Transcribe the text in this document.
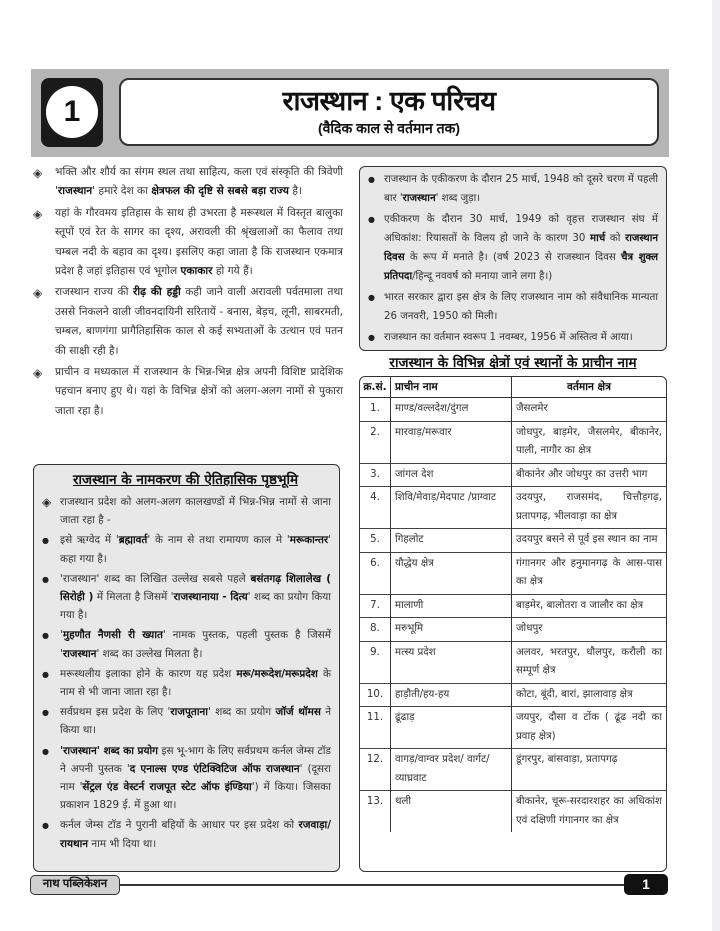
1	राजस्थान : एक परिचय
(वैदिक काल से वर्तमान तक)
◈ भक्ति और शौर्य का संगम स्थल तथा साहित्य, कला एवं संस्कृति की त्रिवेणी 'राजस्थान' हमारे देश का क्षेत्रफल की दृष्टि से सबसे बड़ा राज्य है।
◈ यहां के गौरवमय इतिहास के साथ ही उभरता है मरूस्थल में विस्तृत बालुका स्तूपों एवं रेत के सागर का दृश्य, अरावली की श्रृंखलाओं का फैलाव तथा चम्बल नदी के बहाव का दृश्य। इसलिए कहा जाता है कि राजस्थान एकमात्र प्रदेश है जहां इतिहास एवं भूगोल एकाकार हो गये हैं।
◈ राजस्थान राज्य की रीढ़ की हड्डी कही जाने वाली अरावली पर्वतमाला तथा उससे निकलने वाली जीवनदायिनी सरितायें - बनास, बेड़च, लूनी, साबरमती, चम्बल, बाणगंगा प्रागैतिहासिक काल से कई सभ्यताओं के उत्थान एवं पतन की साक्षी रही है।
◈ प्राचीन व मध्यकाल में राजस्थान के भिन्न-भिन्न क्षेत्र अपनी विशिष्ट प्रादेशिक पहचान बनाए हुए थे। यहां के विभिन्न क्षेत्रों को अलग-अलग नामों से पुकारा जाता रहा है।
राजस्थान के नामकरण की ऐतिहासिक पृष्ठभूमि
◈ राजस्थान प्रदेश को अलग-अलग कालखण्डों में भिन्न-भिन्न नामों से जाना जाता रहा है -
● इसे ऋग्वेद में 'ब्रह्मावर्त' के नाम से तथा रामायण काल मे 'मरूकान्तर' कहा गया है।
● 'राजस्थान' शब्द का लिखित उल्लेख सबसे पहले बसंतगढ़ शिलालेख ( सिरोही ) में मिलता है जिसमें 'राजस्थानाया - दित्य' शब्द का प्रयोग किया गया है।
● 'मुहणौत नैणसी री ख्यात' नामक पुस्तक, पहली पुस्तक है जिसमें 'राजस्थान' शब्द का उल्लेख मिलता है।
● मरूस्थलीय इलाका होने के कारण यह प्रदेश मरू/मरूदेश/मरूप्रदेश के नाम से भी जाना जाता रहा है।
● सर्वप्रथम इस प्रदेश के लिए 'राजपूताना' शब्द का प्रयोग जॉर्ज थॉमस ने किया था।
● 'राजस्थान' शब्द का प्रयोग इस भू-भाग के लिए सर्वप्रथम कर्नल जेम्स टॉड ने अपनी पुस्तक 'द एनाल्स एण्ड एंटिक्विटिज ऑफ राजस्थान' (दूसरा नाम 'सेंट्रल एंड वेस्टर्न राजपूत स्टेट ऑफ इंण्डिया') में किया। जिसका प्रकाशन 1829 ई. में हुआ था।
● कर्नल जेम्स टॉड ने पुरानी बहियों के आधार पर इस प्रदेश को रजवाड़ा/रायथान नाम भी दिया था।
● राजस्थान के एकीकरण के दौरान 25 मार्च, 1948 को दूसरे चरण में पहली बार 'राजस्थान' शब्द जुड़ा।
● एकीकरण के दौरान 30 मार्च, 1949 को वृहत्त राजस्थान संघ में अधिकांश: रियासतों के विलय हो जाने के कारण 30 मार्च को राजस्थान दिवस के रूप में मनाते है। (वर्ष 2023 से राजस्थान दिवस चैत्र शुक्ल प्रतिपदा/हिन्दू नववर्ष को मनाया जाने लगा है।)
● भारत सरकार द्वारा इस क्षेत्र के लिए राजस्थान नाम को संवैधानिक मान्यता 26 जनवरी, 1950 को मिली।
● राजस्थान का वर्तमान स्वरूप 1 नवम्बर, 1956 में अस्तित्व में आया।
राजस्थान के विभिन्न क्षेत्रों एवं स्थानों के प्राचीन नाम
क्र.सं.	प्राचीन नाम	वर्तमान क्षेत्र
1.	माण्ड/वल्लदेश/दुंगल	जैसलमेर
2.	मारवाड़/मरूवार	जोधपुर, बाड़मेर, जैसलमेर, बीकानेर, पाली, नागौर का क्षेत्र
3.	जांगल देश	बीकानेर और जोधपुर का उत्तरी भाग
4.	शिवि/मेवाड़/मेदपाट /प्राग्वाट	उदयपुर, राजसमंद, चित्तौड़गढ़, प्रतापगढ़, भीलवाड़ा का क्षेत्र
5.	गिहलोट	उदयपुर बसने से पूर्व इस स्थान का नाम
6.	यौद्धेय क्षेत्र	गंगानगर और हनुमानगढ़ के आस-पास का क्षेत्र
7.	मालाणी	बाड़मेर, बालोतरा व जालौर का क्षेत्र
8.	मरुभूमि	जोधपुर
9.	मत्स्य प्रदेश	अलवर, भरतपुर, धौलपुर, करौली का सम्पूर्ण क्षेत्र
10.	हाड़ौती/हय-हय	कोटा, बूंदी, बारां, झालावाड़ क्षेत्र
11.	ढूंढाड़	जयपुर, दौसा व टोंक ( ढूंढ नदी का प्रवाह क्षेत्र)
12.	वागड़/वाग्वर प्रदेश/ वार्गट/व्याघ्रवाट	डूंगरपुर, बांसवाड़ा, प्रतापगढ़
13.	थली	बीकानेर, चूरू-सरदारशहर का अधिकांश एवं दक्षिणी गंगानगर का क्षेत्र
नाथ पब्लिकेशन	1
